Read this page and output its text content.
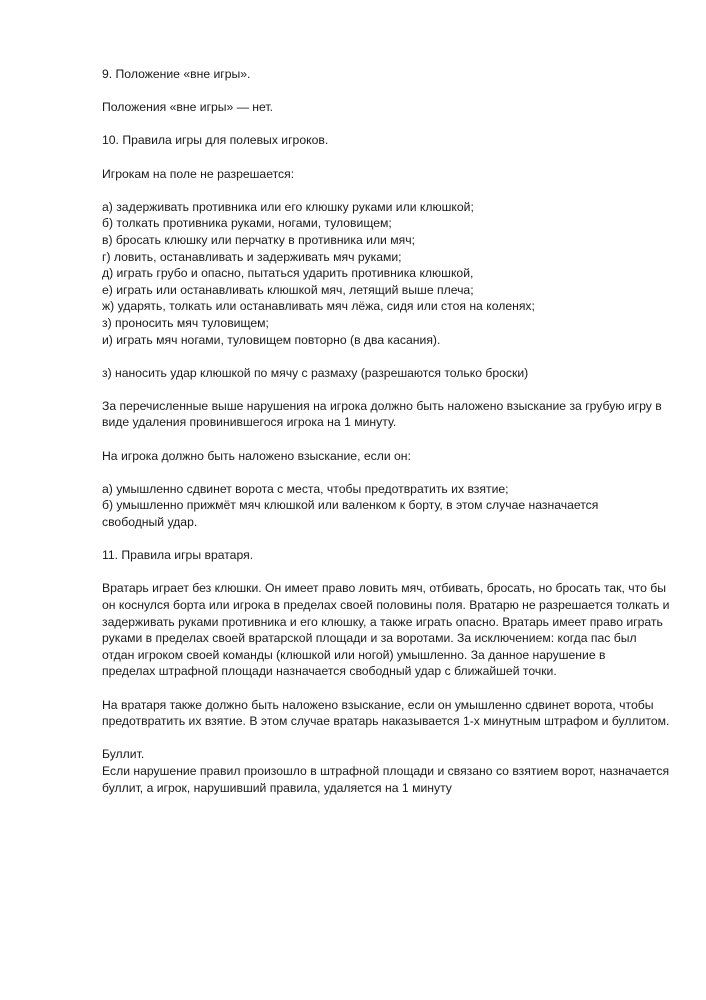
9. Положение «вне игры».

Положения «вне игры» — нет.

10. Правила игры для полевых игроков.

Игрокам на поле не разрешается:

а) задерживать противника или его клюшку руками или клюшкой;
б) толкать противника руками, ногами, туловищем;
в) бросать клюшку или перчатку в противника или мяч;
г) ловить, останавливать и задерживать мяч руками;
д) играть грубо и опасно, пытаться ударить противника клюшкой,
е) играть или останавливать клюшкой мяч, летящий выше плеча;
ж) ударять, толкать или останавливать мяч лёжа, сидя или стоя на коленях;
з) проносить мяч туловищем;
и) играть мяч ногами, туловищем повторно (в два касания).

з) наносить удар клюшкой по мячу с размаху (разрешаются только броски)

За перечисленные выше нарушения на игрока должно быть наложено взыскание за грубую игру в
виде удаления провинившегося игрока на 1 минуту.

На игрока должно быть наложено взыскание, если он:

а) умышленно сдвинет ворота с места, чтобы предотвратить их взятие;
б) умышленно прижмёт мяч клюшкой или валенком к борту, в этом случае назначается
свободный удар.

11. Правила игры вратаря.

Вратарь играет без клюшки. Он имеет право ловить мяч, отбивать, бросать, но бросать так, что бы
он коснулся борта или игрока в пределах своей половины поля. Вратарю не разрешается толкать и
задерживать руками противника и его клюшку, а также играть опасно. Вратарь имеет право играть
руками в пределах своей вратарской площади и за воротами. За исключением: когда пас был
отдан игроком своей команды (клюшкой или ногой) умышленно. За данное нарушение в
пределах штрафной площади назначается свободный удар с ближайшей точки.

На вратаря также должно быть наложено взыскание, если он умышленно сдвинет ворота, чтобы
предотвратить их взятие. В этом случае вратарь наказывается 1-х минутным штрафом и буллитом.

Буллит.
Если нарушение правил произошло в штрафной площади и связано со взятием ворот, назначается
буллит, а игрок, нарушивший правила, удаляется на 1 минуту
